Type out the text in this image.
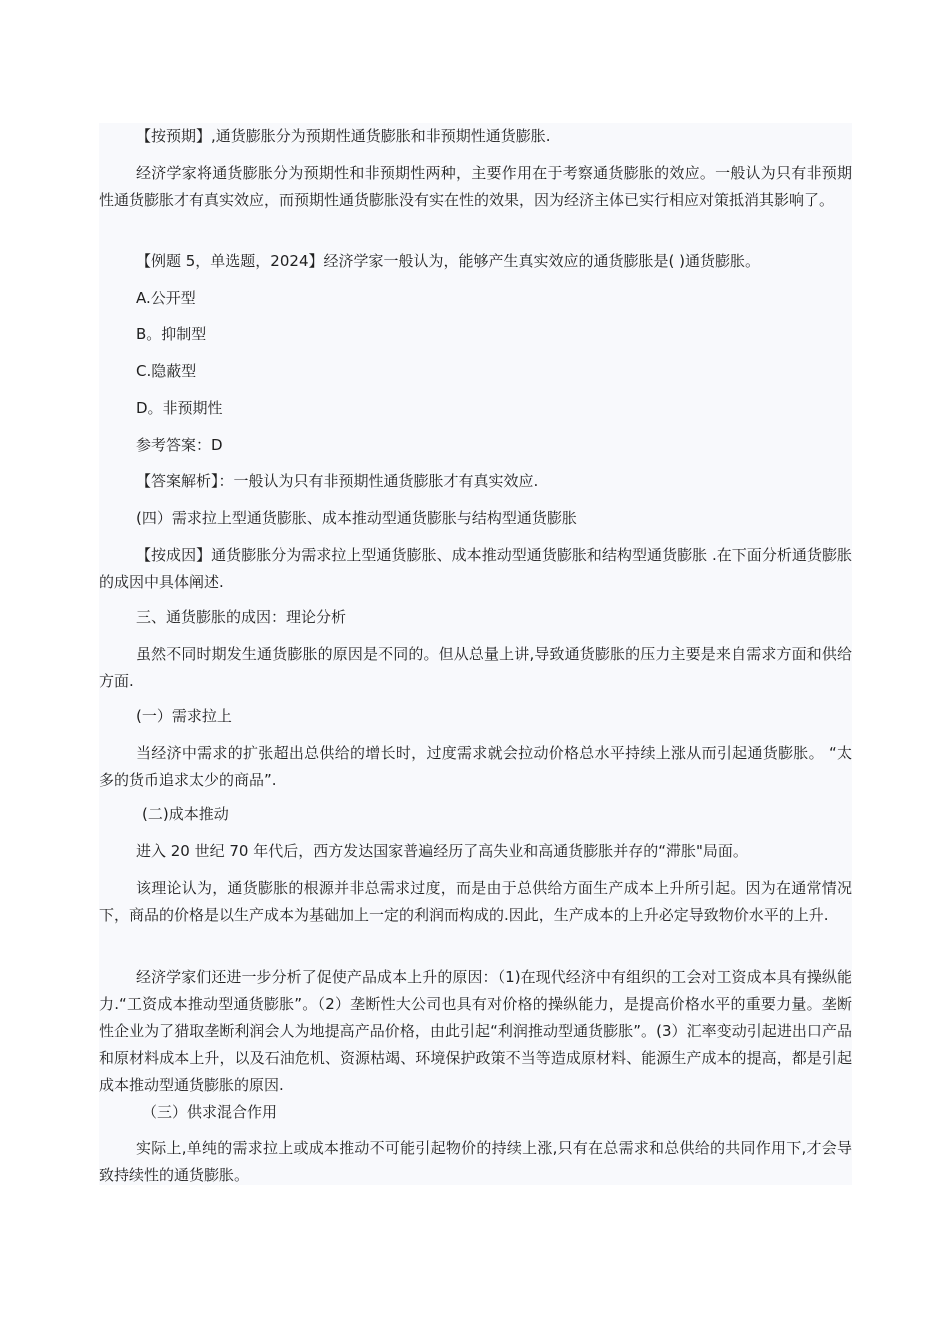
【按预期】,通货膨胀分为预期性通货膨胀和非预期性通货膨胀.
经济学家将通货膨胀分为预期性和非预期性两种，主要作用在于考察通货膨胀的效应。一般认为只有非预期性通货膨胀才有真实效应，而预期性通货膨胀没有实在性的效果，因为经济主体已实行相应对策抵消其影响了。
【例题 5，单选题，2024】经济学家一般认为，能够产生真实效应的通货膨胀是( )通货膨胀。
A.公开型
B。抑制型
C.隐蔽型
D。非预期性
参考答案：D
【答案解析】：一般认为只有非预期性通货膨胀才有真实效应.
(四）需求拉上型通货膨胀、成本推动型通货膨胀与结构型通货膨胀
【按成因】通货膨胀分为需求拉上型通货膨胀、成本推动型通货膨胀和结构型通货膨胀 .在下面分析通货膨胀的成因中具体阐述.
三、通货膨胀的成因：理论分析
虽然不同时期发生通货膨胀的原因是不同的。但从总量上讲,导致通货膨胀的压力主要是来自需求方面和供给方面.
(一）需求拉上
当经济中需求的扩张超出总供给的增长时，过度需求就会拉动价格总水平持续上涨从而引起通货膨胀。 “太多的货币追求太少的商品”.
(二)成本推动
进入 20 世纪 70 年代后，西方发达国家普遍经历了高失业和高通货膨胀并存的“滞胀"局面。
该理论认为，通货膨胀的根源并非总需求过度，而是由于总供给方面生产成本上升所引起。因为在通常情况下，商品的价格是以生产成本为基础加上一定的利润而构成的.因此，生产成本的上升必定导致物价水平的上升.
经济学家们还进一步分析了促使产品成本上升的原因：（1)在现代经济中有组织的工会对工资成本具有操纵能力.“工资成本推动型通货膨胀”。（2）垄断性大公司也具有对价格的操纵能力，是提高价格水平的重要力量。垄断性企业为了猎取垄断利润会人为地提高产品价格，由此引起“利润推动型通货膨胀”。(3）汇率变动引起进出口产品和原材料成本上升，以及石油危机、资源枯竭、环境保护政策不当等造成原材料、能源生产成本的提高，都是引起成本推动型通货膨胀的原因.
（三）供求混合作用
实际上,单纯的需求拉上或成本推动不可能引起物价的持续上涨,只有在总需求和总供给的共同作用下,才会导致持续性的通货膨胀。
